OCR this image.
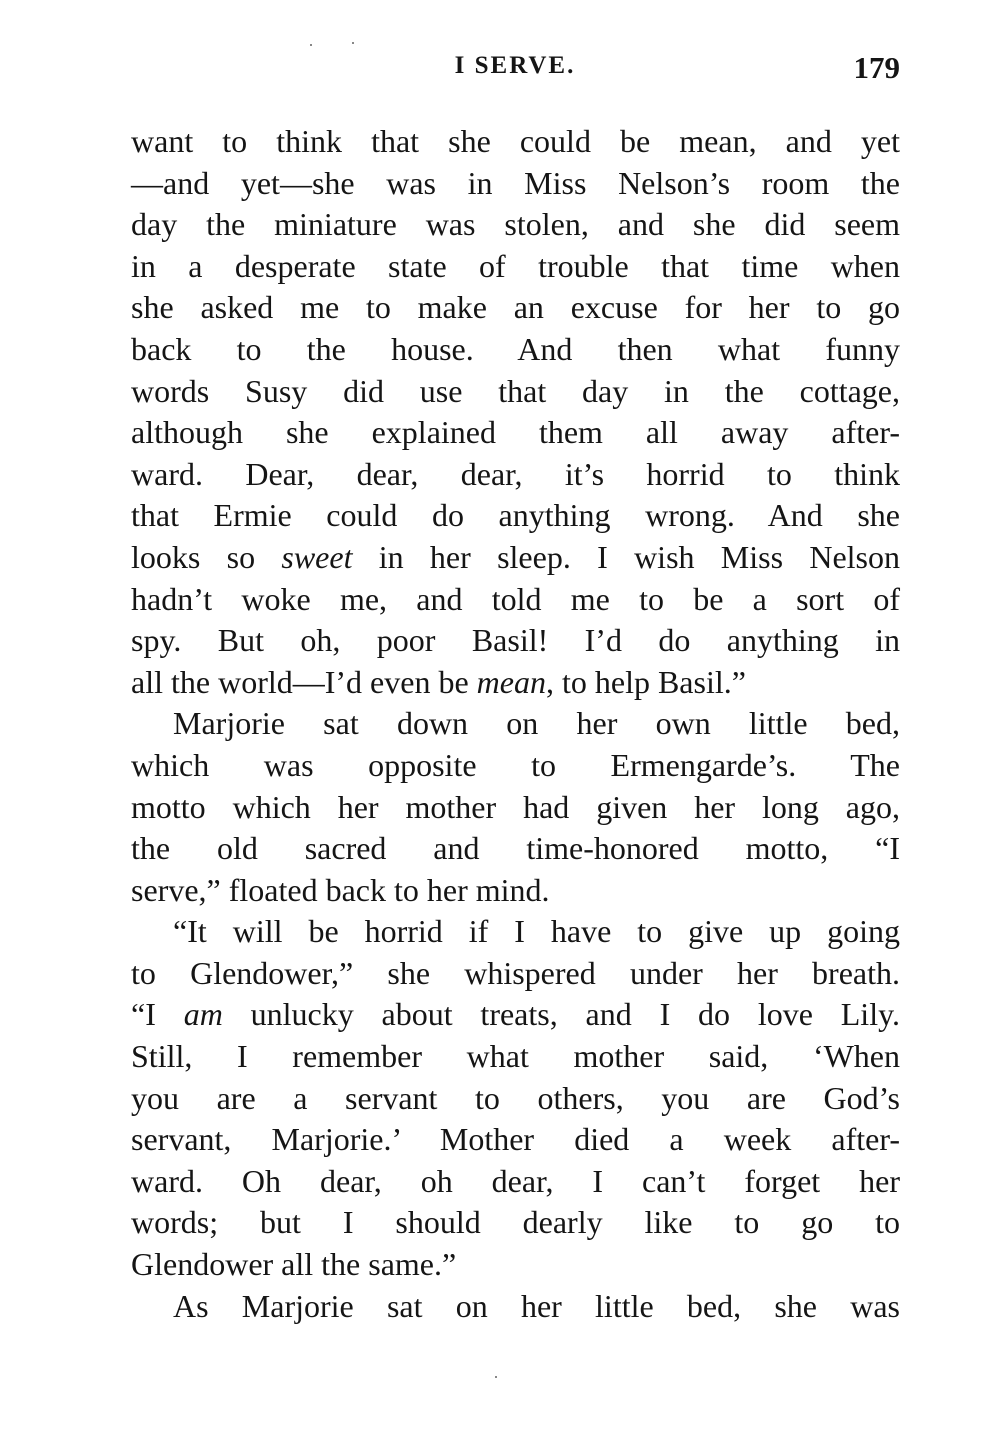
I SERVE.	179
want to think that she could be mean, and yet
—and yet—she was in Miss Nelson’s room the
day the miniature was stolen, and she did seem
in a desperate state of trouble that time when
she asked me to make an excuse for her to go
back to the house. And then what funny
words Susy did use that day in the cottage,
although she explained them all away after-
ward. Dear, dear, dear, it’s horrid to think
that Ermie could do anything wrong. And she
looks so sweet in her sleep. I wish Miss Nelson
hadn’t woke me, and told me to be a sort of
spy. But oh, poor Basil! I’d do anything in
all the world—I’d even be mean, to help Basil.”
Marjorie sat down on her own little bed,
which was opposite to Ermengarde’s. The
motto which her mother had given her long ago,
the old sacred and time-honored motto, “I
serve,” floated back to her mind.
“It will be horrid if I have to give up going
to Glendower,” she whispered under her breath.
“I am unlucky about treats, and I do love Lily.
Still, I remember what mother said, ‘When
you are a servant to others, you are God’s
servant, Marjorie.’ Mother died a week after-
ward. Oh dear, oh dear, I can’t forget her
words; but I should dearly like to go to
Glendower all the same.”
As Marjorie sat on her little bed, she was
